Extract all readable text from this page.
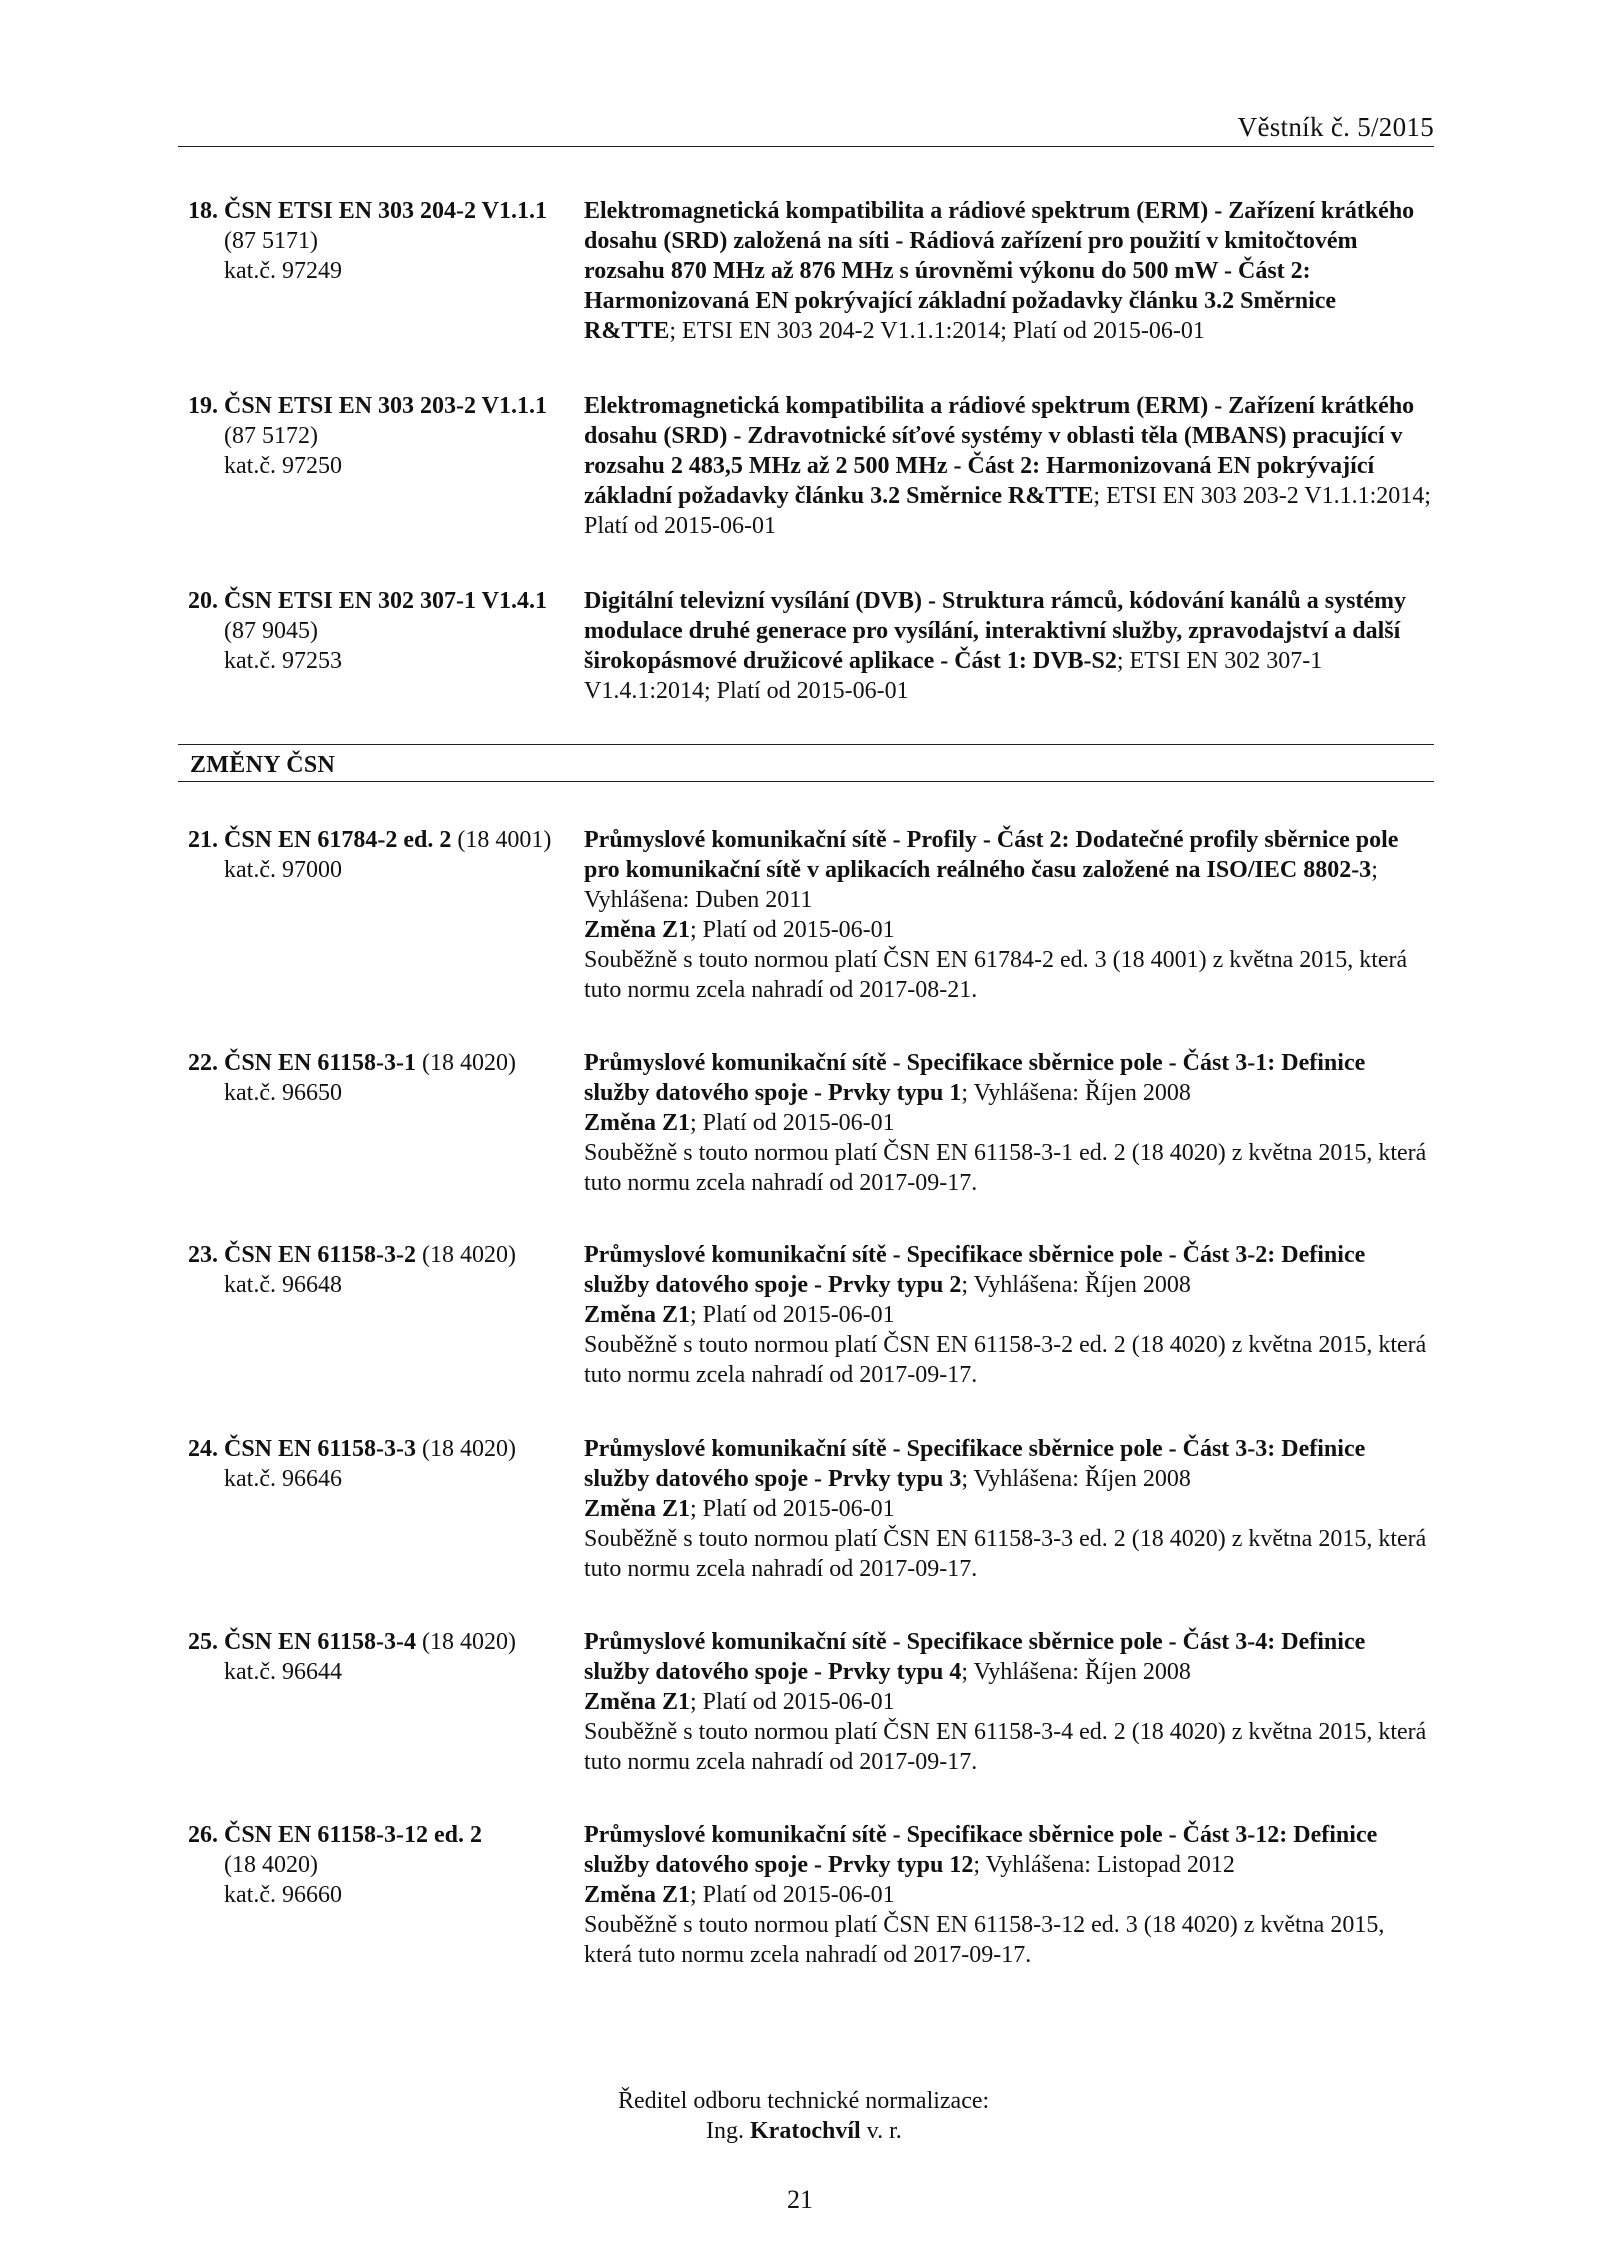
Věstník č. 5/2015
18. ČSN ETSI EN 303 204-2 V1.1.1
(87 5171)
kat.č. 97249
Elektromagnetická kompatibilita a rádiové spektrum (ERM) - Zařízení krátkého dosahu (SRD) založená na síti - Rádiová zařízení pro použití v kmitočtovém rozsahu 870 MHz až 876 MHz s úrovněmi výkonu do 500 mW - Část 2: Harmonizovaná EN pokrývající základní požadavky článku 3.2 Směrnice R&TTE; ETSI EN 303 204-2 V1.1.1:2014; Platí od 2015-06-01
19. ČSN ETSI EN 303 203-2 V1.1.1
(87 5172)
kat.č. 97250
Elektromagnetická kompatibilita a rádiové spektrum (ERM) - Zařízení krátkého dosahu (SRD) - Zdravotnické síťové systémy v oblasti těla (MBANS) pracující v rozsahu 2 483,5 MHz až 2 500 MHz - Část 2: Harmonizovaná EN pokrývající základní požadavky článku 3.2 Směrnice R&TTE; ETSI EN 303 203-2 V1.1.1:2014; Platí od 2015-06-01
20. ČSN ETSI EN 302 307-1 V1.4.1
(87 9045)
kat.č. 97253
Digitální televizní vysílání (DVB) - Struktura rámců, kódování kanálů a systémy modulace druhé generace pro vysílání, interaktivní služby, zpravodajství a další širokopásmové družicové aplikace - Část 1: DVB-S2; ETSI EN 302 307-1 V1.4.1:2014; Platí od 2015-06-01
ZMĚNY ČSN
21. ČSN EN 61784-2 ed. 2 (18 4001)
kat.č. 97000
Průmyslové komunikační sítě - Profily - Část 2: Dodatečné profily sběrnice pole pro komunikační sítě v aplikacích reálného času založené na ISO/IEC 8802-3; Vyhlášena: Duben 2011
Změna Z1; Platí od 2015-06-01
Souběžně s touto normou platí ČSN EN 61784-2 ed. 3 (18 4001) z května 2015, která tuto normu zcela nahradí od 2017-08-21.
22. ČSN EN 61158-3-1 (18 4020)
kat.č. 96650
Průmyslové komunikační sítě - Specifikace sběrnice pole - Část 3-1: Definice služby datového spoje - Prvky typu 1; Vyhlášena: Říjen 2008
Změna Z1; Platí od 2015-06-01
Souběžně s touto normou platí ČSN EN 61158-3-1 ed. 2 (18 4020) z května 2015, která tuto normu zcela nahradí od 2017-09-17.
23. ČSN EN 61158-3-2 (18 4020)
kat.č. 96648
Průmyslové komunikační sítě - Specifikace sběrnice pole - Část 3-2: Definice služby datového spoje - Prvky typu 2; Vyhlášena: Říjen 2008
Změna Z1; Platí od 2015-06-01
Souběžně s touto normou platí ČSN EN 61158-3-2 ed. 2 (18 4020) z května 2015, která tuto normu zcela nahradí od 2017-09-17.
24. ČSN EN 61158-3-3 (18 4020)
kat.č. 96646
Průmyslové komunikační sítě - Specifikace sběrnice pole - Část 3-3: Definice služby datového spoje - Prvky typu 3; Vyhlášena: Říjen 2008
Změna Z1; Platí od 2015-06-01
Souběžně s touto normou platí ČSN EN 61158-3-3 ed. 2 (18 4020) z května 2015, která tuto normu zcela nahradí od 2017-09-17.
25. ČSN EN 61158-3-4 (18 4020)
kat.č. 96644
Průmyslové komunikační sítě - Specifikace sběrnice pole - Část 3-4: Definice služby datového spoje - Prvky typu 4; Vyhlášena: Říjen 2008
Změna Z1; Platí od 2015-06-01
Souběžně s touto normou platí ČSN EN 61158-3-4 ed. 2 (18 4020) z května 2015, která tuto normu zcela nahradí od 2017-09-17.
26. ČSN EN 61158-3-12 ed. 2
(18 4020)
kat.č. 96660
Průmyslové komunikační sítě - Specifikace sběrnice pole - Část 3-12: Definice služby datového spoje - Prvky typu 12; Vyhlášena: Listopad 2012
Změna Z1; Platí od 2015-06-01
Souběžně s touto normou platí ČSN EN 61158-3-12 ed. 3 (18 4020) z května 2015, která tuto normu zcela nahradí od 2017-09-17.
Ředitel odboru technické normalizace:
Ing. Kratochvíl v. r.
21
